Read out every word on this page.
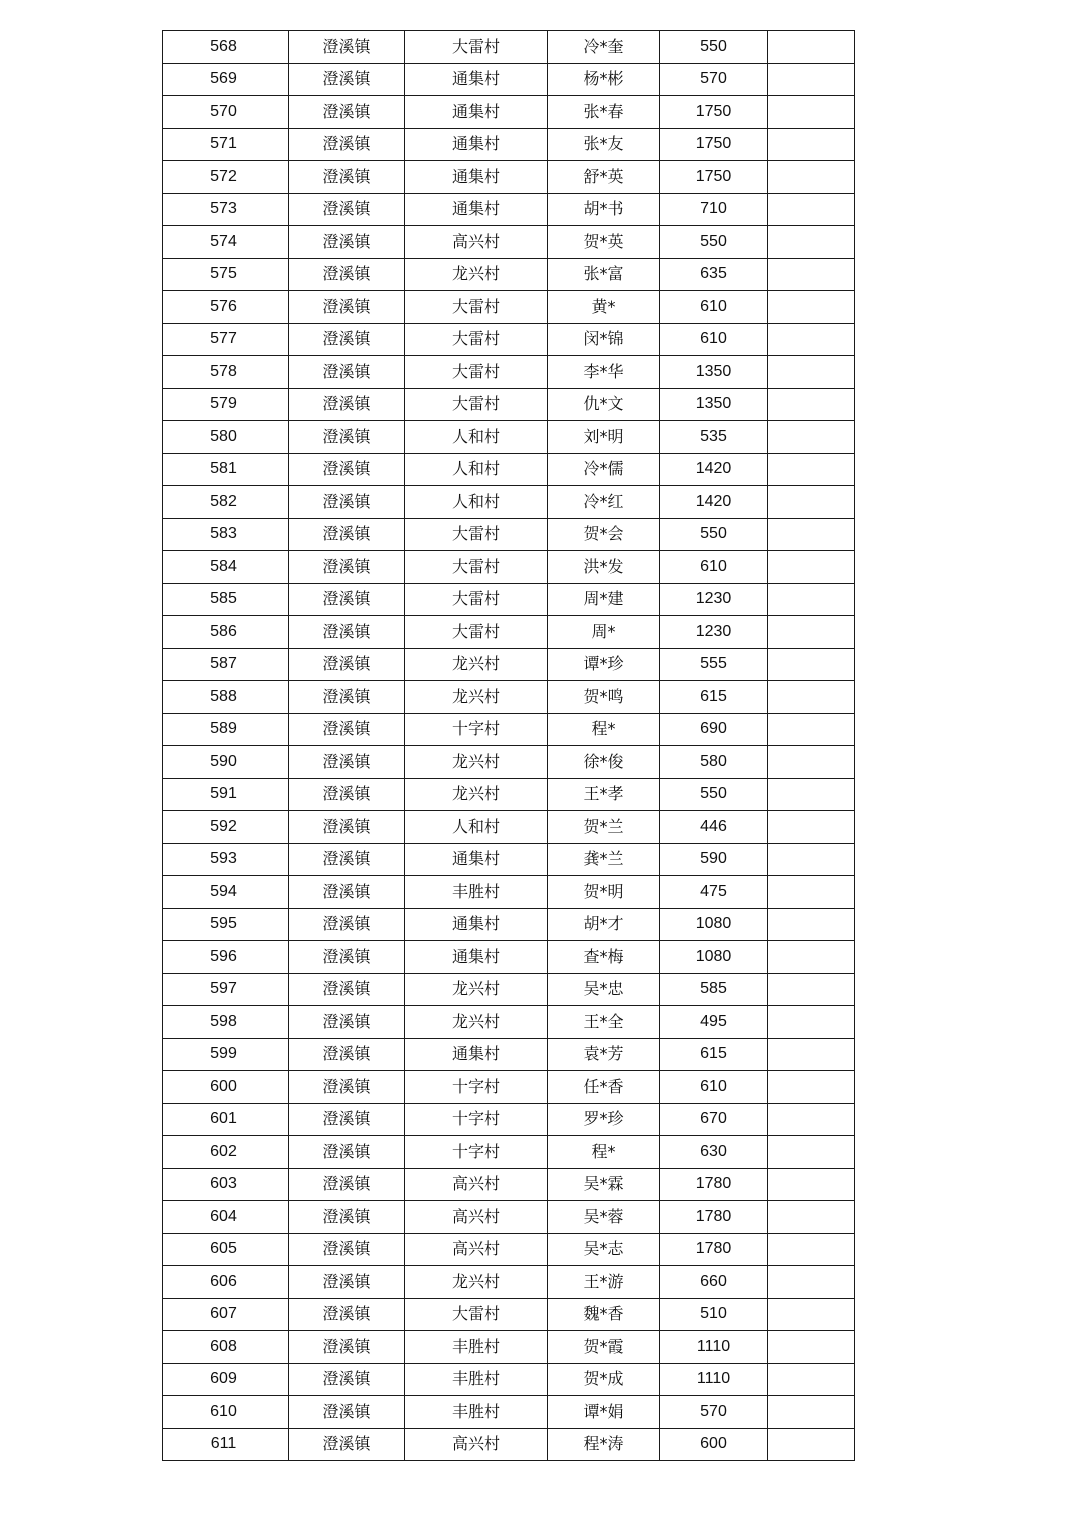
568	澄溪镇	大雷村	冷*奎	550	
569	澄溪镇	通集村	杨*彬	570	
570	澄溪镇	通集村	张*春	1750	
571	澄溪镇	通集村	张*友	1750	
572	澄溪镇	通集村	舒*英	1750	
573	澄溪镇	通集村	胡*书	710	
574	澄溪镇	高兴村	贺*英	550	
575	澄溪镇	龙兴村	张*富	635	
576	澄溪镇	大雷村	黄*	610	
577	澄溪镇	大雷村	闵*锦	610	
578	澄溪镇	大雷村	李*华	1350	
579	澄溪镇	大雷村	仇*文	1350	
580	澄溪镇	人和村	刘*明	535	
581	澄溪镇	人和村	冷*儒	1420	
582	澄溪镇	人和村	冷*红	1420	
583	澄溪镇	大雷村	贺*会	550	
584	澄溪镇	大雷村	洪*发	610	
585	澄溪镇	大雷村	周*建	1230	
586	澄溪镇	大雷村	周*	1230	
587	澄溪镇	龙兴村	谭*珍	555	
588	澄溪镇	龙兴村	贺*鸣	615	
589	澄溪镇	十字村	程*	690	
590	澄溪镇	龙兴村	徐*俊	580	
591	澄溪镇	龙兴村	王*孝	550	
592	澄溪镇	人和村	贺*兰	446	
593	澄溪镇	通集村	龚*兰	590	
594	澄溪镇	丰胜村	贺*明	475	
595	澄溪镇	通集村	胡*才	1080	
596	澄溪镇	通集村	查*梅	1080	
597	澄溪镇	龙兴村	吴*忠	585	
598	澄溪镇	龙兴村	王*全	495	
599	澄溪镇	通集村	袁*芳	615	
600	澄溪镇	十字村	任*香	610	
601	澄溪镇	十字村	罗*珍	670	
602	澄溪镇	十字村	程*	630	
603	澄溪镇	高兴村	吴*霖	1780	
604	澄溪镇	高兴村	吴*蓉	1780	
605	澄溪镇	高兴村	吴*志	1780	
606	澄溪镇	龙兴村	王*游	660	
607	澄溪镇	大雷村	魏*香	510	
608	澄溪镇	丰胜村	贺*霞	1110	
609	澄溪镇	丰胜村	贺*成	1110	
610	澄溪镇	丰胜村	谭*娟	570	
611	澄溪镇	高兴村	程*涛	600	
